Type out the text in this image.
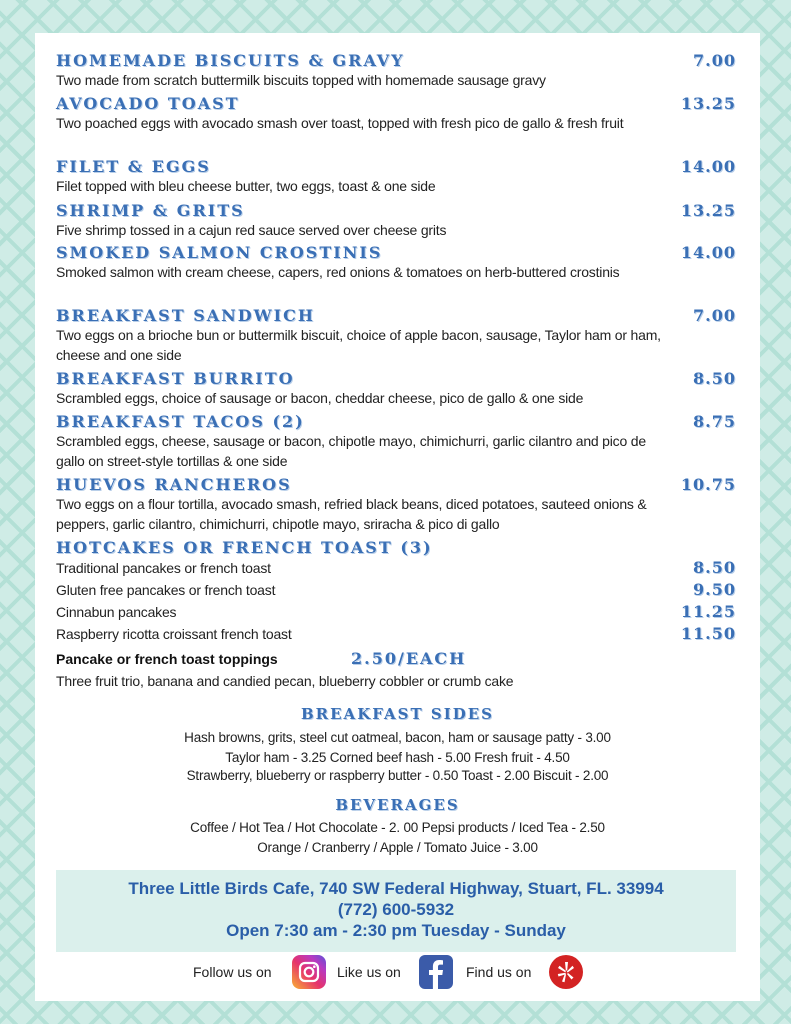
HOMEMADE BISCUITS & GRAVY	7.00
Two made from scratch buttermilk biscuits topped with homemade sausage gravy
AVOCADO TOAST	13.25
Two poached eggs with avocado smash over toast, topped with fresh pico de gallo & fresh fruit
FILET & EGGS	14.00
Filet topped with bleu cheese butter, two eggs, toast & one side
SHRIMP & GRITS	13.25
Five shrimp tossed in a cajun red sauce served over cheese grits
SMOKED SALMON CROSTINIS	14.00
Smoked salmon with cream cheese, capers, red onions & tomatoes on herb-buttered crostinis
BREAKFAST SANDWICH	7.00
Two eggs on a brioche bun or buttermilk biscuit, choice of apple bacon, sausage, Taylor ham or ham, cheese and one side
BREAKFAST BURRITO	8.50
Scrambled eggs, choice of sausage or bacon, cheddar cheese, pico de gallo & one side
BREAKFAST TACOS (2)	8.75
Scrambled eggs, cheese, sausage or bacon, chipotle mayo, chimichurri, garlic cilantro and pico de gallo on street-style tortillas & one side
HUEVOS RANCHEROS	10.75
Two eggs on a flour tortilla, avocado smash, refried black beans, diced potatoes, sauteed onions & peppers, garlic cilantro, chimichurri, chipotle mayo, sriracha & pico di gallo
HOTCAKES OR FRENCH TOAST (3)
Traditional pancakes or french toast	8.50
Gluten free pancakes or french toast	9.50
Cinnabun pancakes	11.25
Raspberry ricotta croissant french toast	11.50
Pancake or french toast toppings	2.50/EACH
Three fruit trio, banana and candied pecan, blueberry cobbler or crumb cake
BREAKFAST SIDES
Hash browns, grits, steel cut oatmeal, bacon, ham or sausage patty - 3.00
Taylor ham - 3.25 Corned beef hash - 5.00 Fresh fruit - 4.50
Strawberry, blueberry or raspberry butter - 0.50 Toast - 2.00 Biscuit - 2.00
BEVERAGES
Coffee / Hot Tea / Hot Chocolate - 2. 00 Pepsi products / Iced Tea - 2.50
Orange / Cranberry / Apple / Tomato Juice - 3.00
Three Little Birds Cafe, 740 SW Federal Highway, Stuart, FL. 33994
(772) 600-5932
Open 7:30 am - 2:30 pm Tuesday - Sunday
Follow us on	Like us on	Find us on
